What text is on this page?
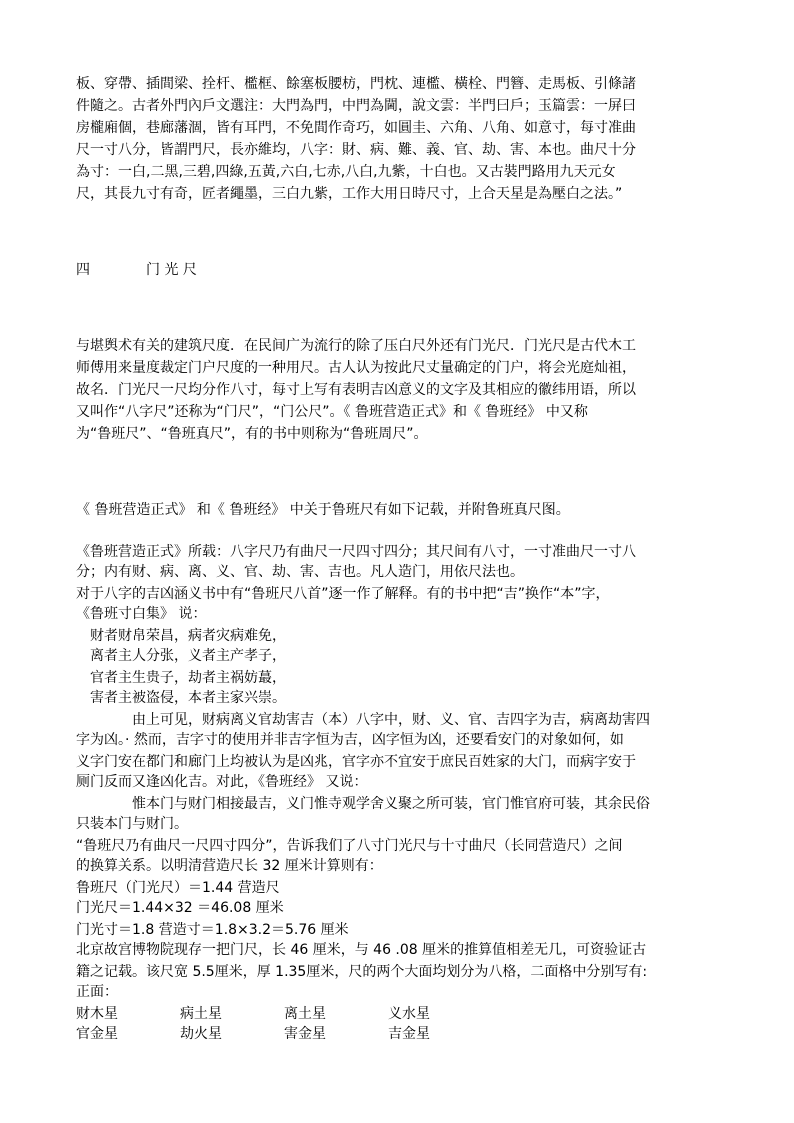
板、穿帶、插間梁、拴杆、檻框、餘塞板腰枋，門枕、連檻、橫栓、門簪、走馬板、引條諸
件隨之。古者外門內戶文選注：大門為門，中門為閫，說文雲：半門曰戶；玉篇雲：一屏曰
房櫳廂個，巷廊藩涸，皆有耳門，不免間作奇巧，如圓圭、六角、八角、如意寸，每寸准曲
尺一寸八分，皆謂門尺，長亦維均，八字：財、病、難、義、官、劫、害、本也。曲尺十分
為寸：一白,二黑,三碧,四綠,五黃,六白,七赤,八白,九紫，十白也。又古裝門路用九天元女
尺，其長九寸有奇，匠者繩墨，三白九紫，工作大用日時尺寸，上合天星是為壓白之法。”
四	门 光 尺
与堪舆术有关的建筑尺度．在民间广为流行的除了压白尺外还有门光尺．门光尺是古代木工
师傅用来量度裁定门户尺度的一种用尺。古人认为按此尺丈量确定的门户，将会光庭灿祖，
故名．门光尺一尺均分作八寸，每寸上写有表明吉凶意义的文字及其相应的徽纬用语，所以
又叫作“八字尺”还称为“门尺”，“门公尺”。《 鲁班营造正式》和《 鲁班经》 中又称
为“鲁班尺”、“鲁班真尺”，有的书中则称为“鲁班周尺”。
《 鲁班营造正式》 和《 鲁班经》 中关于鲁班尺有如下记载，并附鲁班真尺图。
《鲁班营造正式》所载：八字尺乃有曲尺一尺四寸四分；其尺间有八寸，一寸准曲尺一寸八
分；内有财、病、离、义、官、劫、害、吉也。凡人造门，用依尺法也。
对于八字的吉凶涵义书中有“鲁班尺八首”逐一作了解释。有的书中把“吉”换作“本”字，
《鲁班寸白集》 说：
财者财帛荣昌，病者灾病难免，
离者主人分张，义者主产孝子，
官者主生贵子，劫者主祸妨蕞，
害者主被盗侵，本者主家兴崇。
由上可见，财病离义官劫害吉（本）八字中，财、义、官、吉四字为吉，病离劫害四
字为凶。· 然而，吉字寸的使用并非吉字恒为吉，凶字恒为凶，还要看安门的对象如何，如
义字门安在都门和廊门上均被认为是凶兆，官字亦不宜安于庶民百姓家的大门，而病字安于
厕门反而又逢凶化吉。对此，《鲁班经》 又说：
惟本门与财门相接最吉，义门惟寺观学舍义聚之所可装，官门惟官府可装，其余民俗
只装本门与财门。
“鲁班尺乃有曲尺一尺四寸四分”，告诉我们了八寸门光尺与十寸曲尺（长同营造尺）之间
的换算关系。以明清营造尺长 32 厘米计算则有：
鲁班尺（门光尺）＝1.44 营造尺
门光尺＝1.44×32 ＝46.08 厘米
门光寸＝1.8 营造寸＝1.8×3.2＝5.76 厘米
北京故宫博物院现存一把门尺，长 46 厘米，与 46 .08 厘米的推算值相差无几，可资验证古
籍之记载。该尺宽 5.5厘米，厚 1.35厘米，尺的两个大面均划分为八格，二面格中分别写有:
正面：
财木星	病土星	离土星	义水星
官金星	劫火星	害金星	吉金星
